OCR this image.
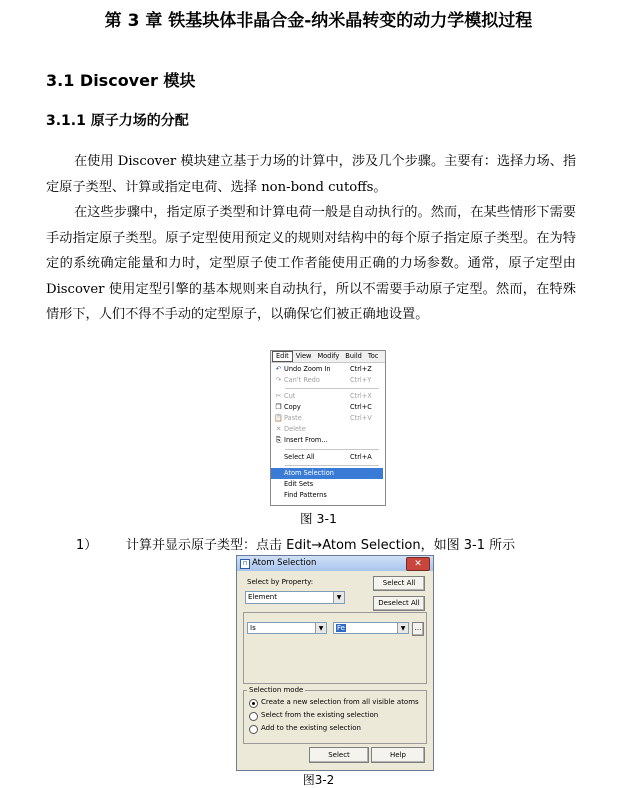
第 3 章 铁基块体非晶合金-纳米晶转变的动力学模拟过程
3.1 Discover 模块
3.1.1 原子力场的分配

在使用 Discover 模块建立基于力场的计算中，涉及几个步骤。主要有：选择力场、指定原子类型、计算或指定电荷、选择 non-bond cutoffs。

在这些步骤中，指定原子类型和计算电荷一般是自动执行的。然而，在某些情形下需要手动指定原子类型。原子定型使用预定义的规则对结构中的每个原子指定原子类型。在为特定的系统确定能量和力时，定型原子使工作者能使用正确的力场参数。通常，原子定型由 Discover 使用定型引擎的基本规则来自动执行，所以不需要手动原子定型。然而，在特殊情形下，人们不得不手动的定型原子，以确保它们被正确地设置。

Edit View Modify Build Toc
↶ Undo Zoom In	Ctrl+Z
↷ Can't Redo	Ctrl+Y
✂ Cut	Ctrl+X
❐ Copy	Ctrl+C
📋 Paste	Ctrl+V
✕ Delete
⎘ Insert From...
Select All	Ctrl+A
Atom Selection
Edit Sets
Find Patterns
图 3-1
1） 计算并显示原子类型：点击 Edit→Atom Selection，如图 3-1 所示
⊓ Atom Selection	✕
Select by Property:
Element	▼
Select All
Deselect All
Is	▼	Fe	▼	...
Selection mode
Create a new selection from all visible atoms
Select from the existing selection
Add to the existing selection
Select	Help
图3-2
